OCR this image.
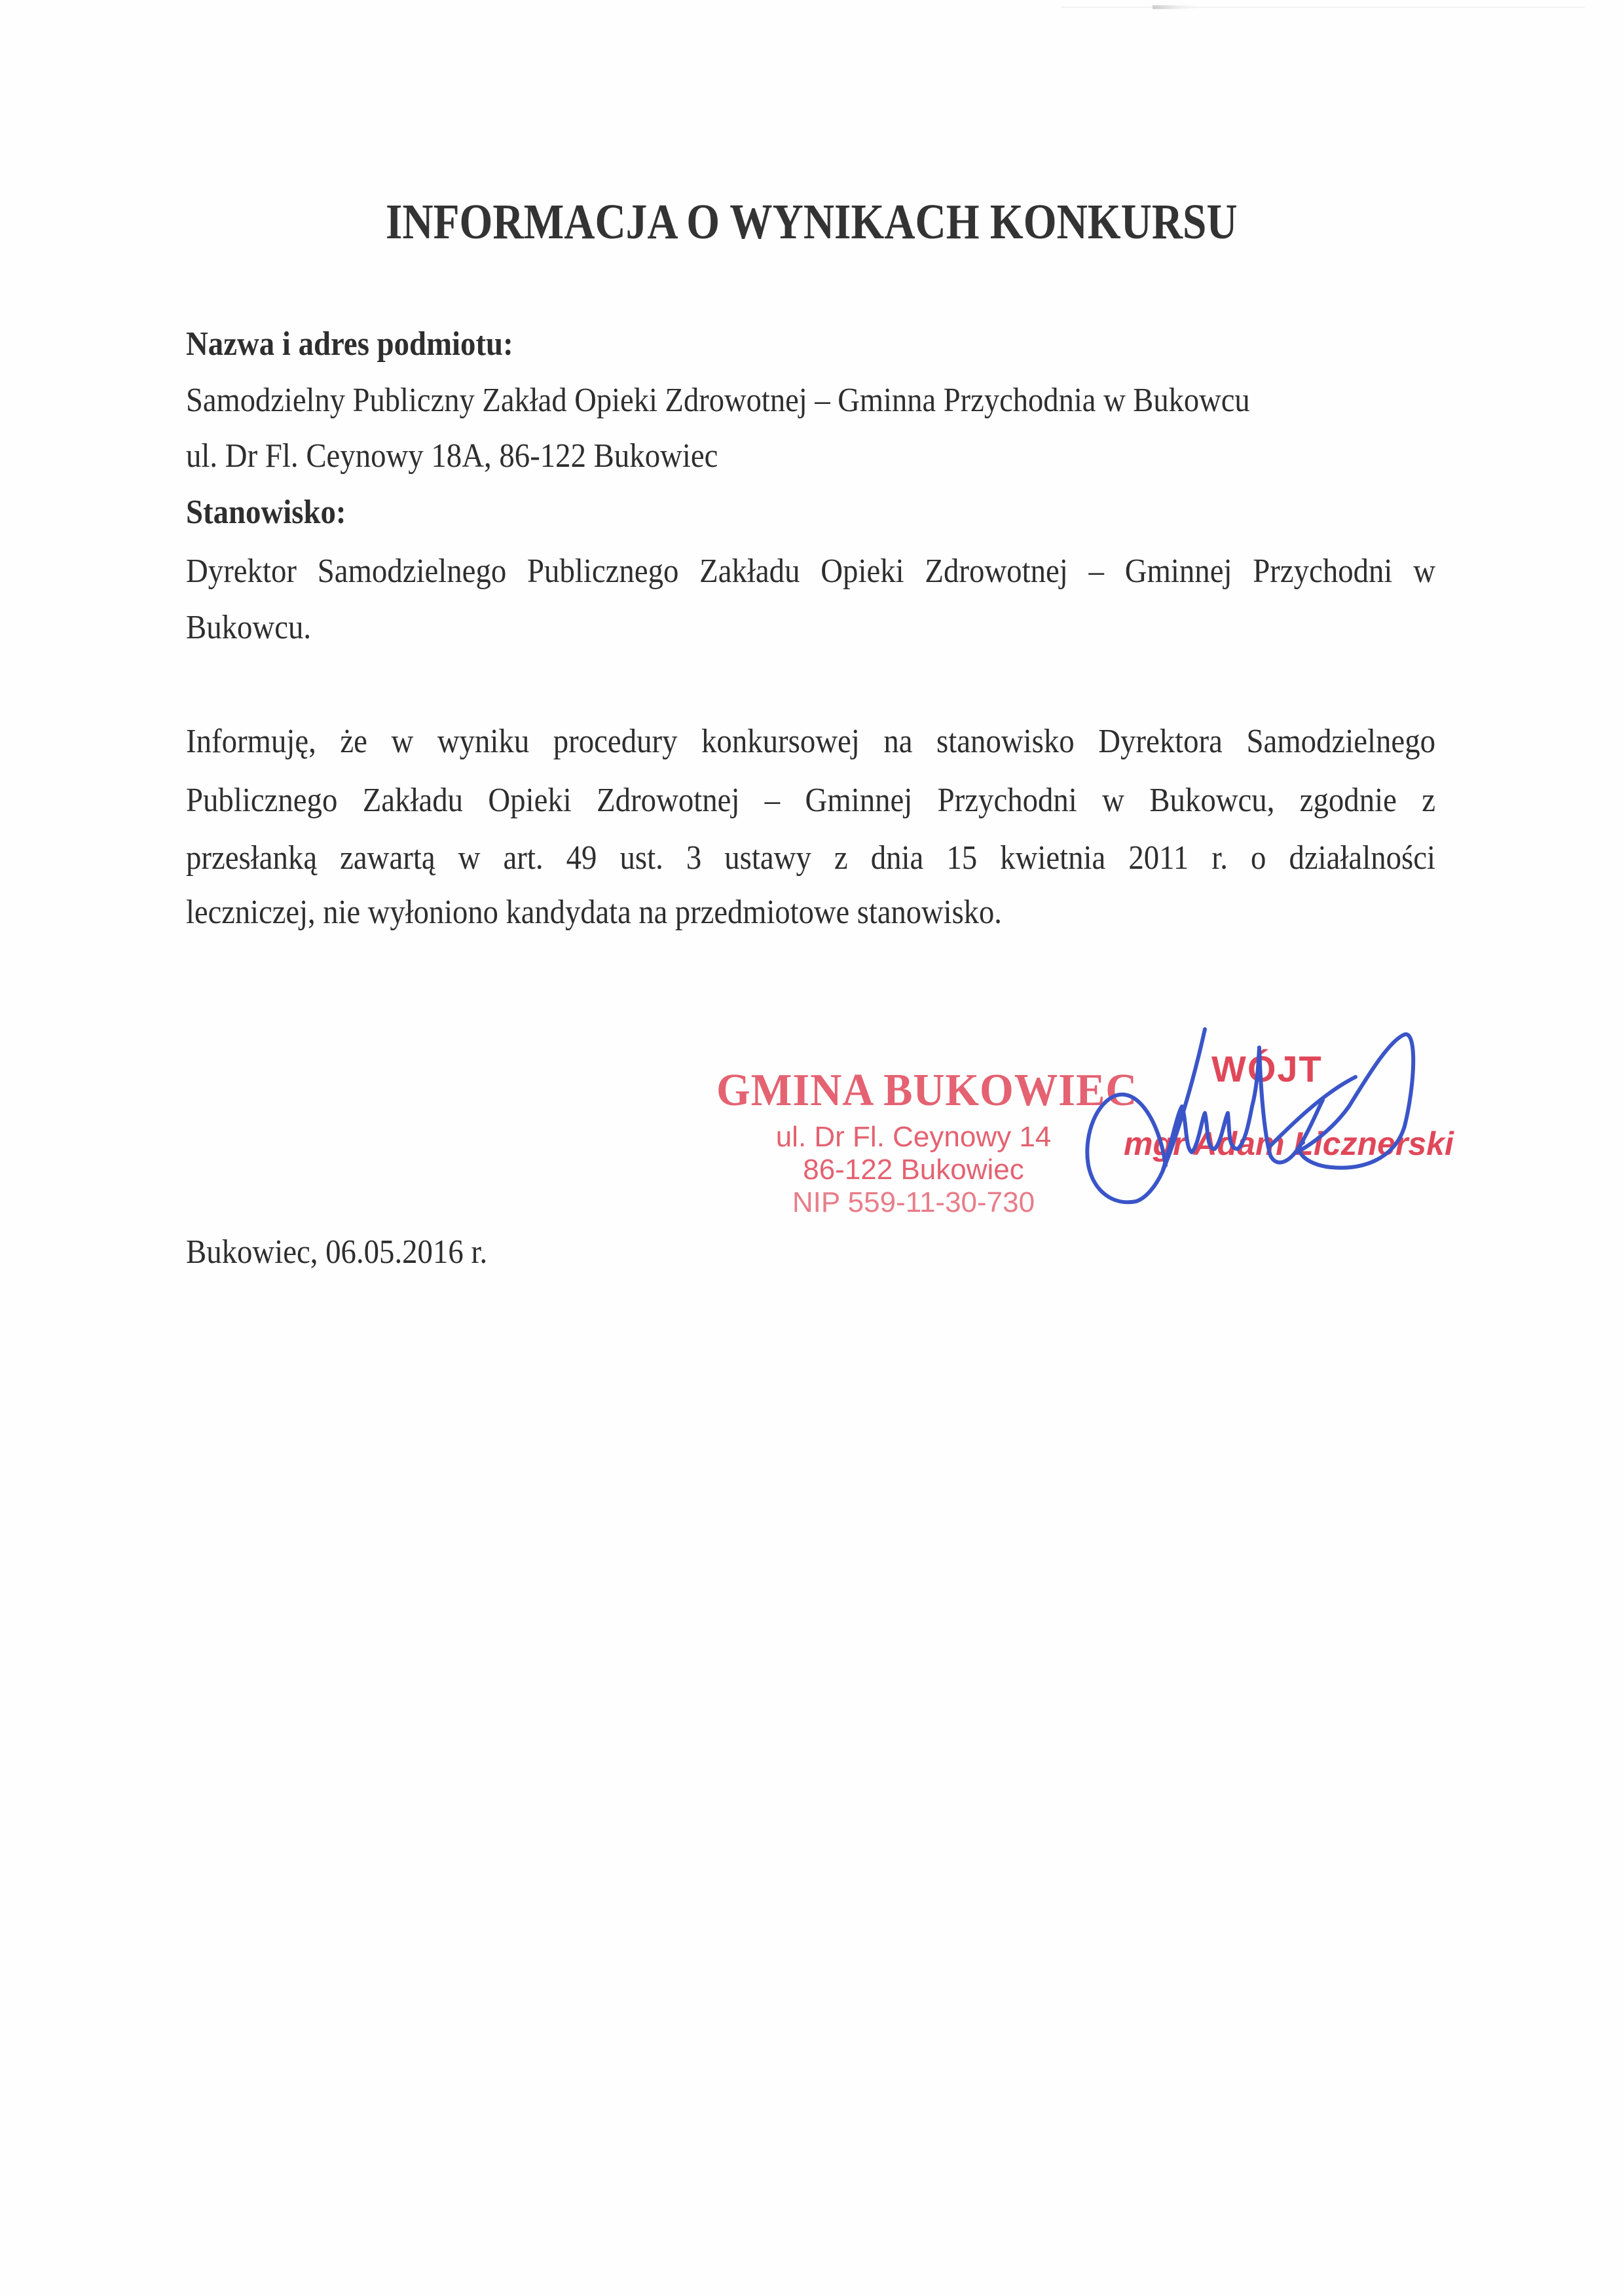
INFORMACJA O WYNIKACH KONKURSU
Nazwa i adres podmiotu:
Samodzielny Publiczny Zakład Opieki Zdrowotnej – Gminna Przychodnia w Bukowcu
ul. Dr Fl. Ceynowy 18A, 86-122 Bukowiec
Stanowisko:
Dyrektor Samodzielnego Publicznego Zakładu Opieki Zdrowotnej – Gminnej Przychodni w
Bukowcu.
Informuję, że w wyniku procedury konkursowej na stanowisko Dyrektora Samodzielnego
Publicznego Zakładu Opieki Zdrowotnej – Gminnej Przychodni w Bukowcu, zgodnie z
przesłanką zawartą w art. 49 ust. 3 ustawy z dnia 15 kwietnia 2011 r. o działalności
leczniczej, nie wyłoniono kandydata na przedmiotowe stanowisko.
GMINA BUKOWIEC
ul. Dr Fl. Ceynowy 14
86-122 Bukowiec
NIP 559-11-30-730
WÓJT
mgr Adam Licznerski
Bukowiec, 06.05.2016 r.
